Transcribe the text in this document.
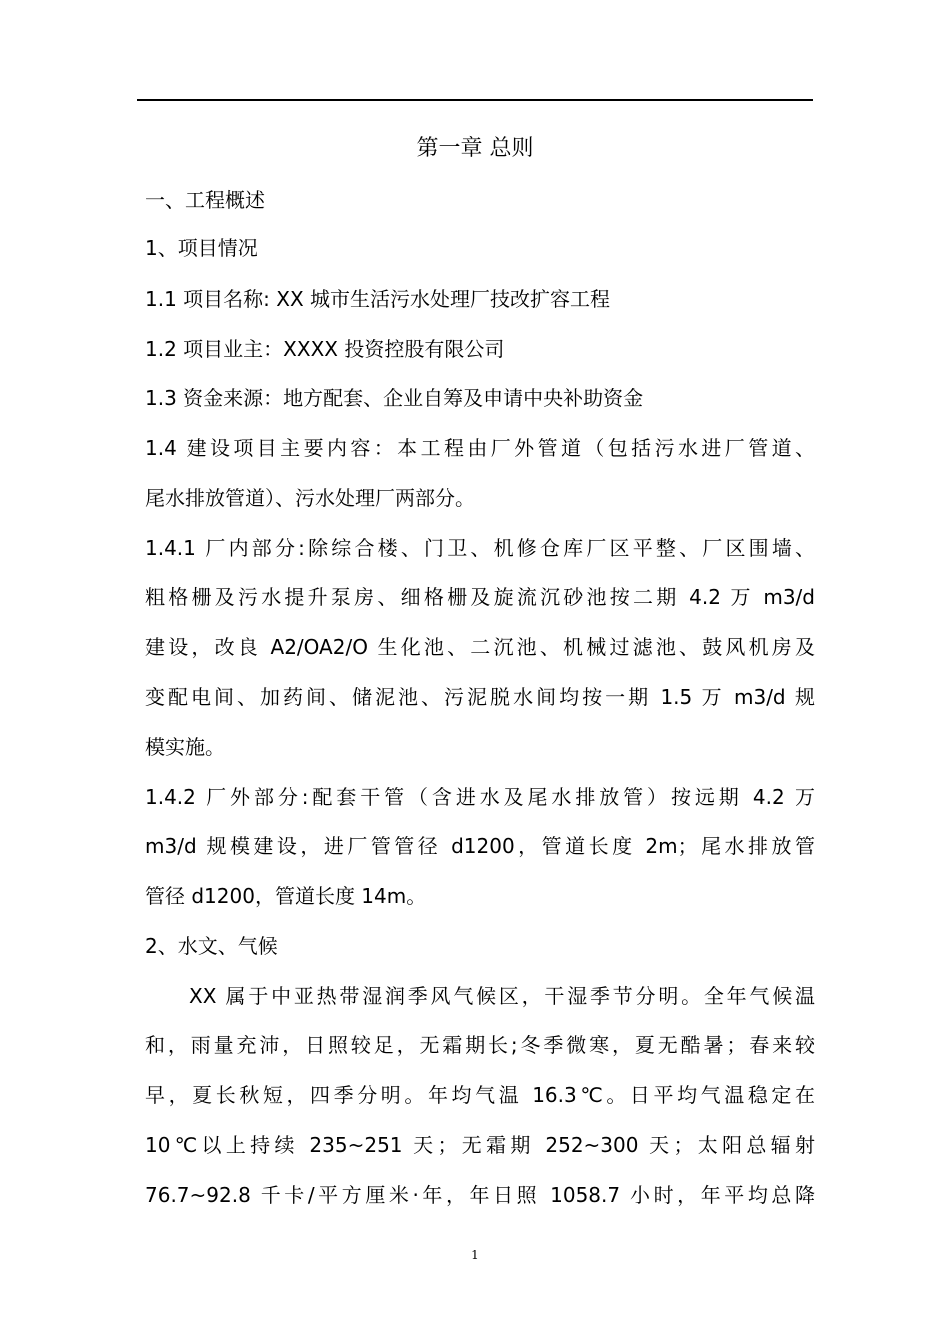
第一章 总则
一、工程概述
1、项目情况
1.1 项目名称: XX 城市生活污水处理厂技改扩容工程
1.2 项目业主：XXXX 投资控股有限公司
1.3 资金来源：地方配套、企业自筹及申请中央补助资金
1.4 建设项目主要内容：本工程由厂外管道（包括污水进厂管道、
尾水排放管道）、污水处理厂两部分。
1.4.1 厂内部分:除综合楼、门卫、机修仓库厂区平整、厂区围墙、
粗格栅及污水提升泵房、细格栅及旋流沉砂池按二期 4.2 万 m3/d
建设，改良 A2/OA2/O 生化池、二沉池、机械过滤池、鼓风机房及
变配电间、加药间、储泥池、污泥脱水间均按一期 1.5 万 m3/d 规
模实施。
1.4.2 厂外部分:配套干管（含进水及尾水排放管）按远期 4.2 万
m3/d 规模建设，进厂管管径 d1200，管道长度 2m；尾水排放管
管径 d1200，管道长度 14m。
2、水文、气候
XX 属于中亚热带湿润季风气候区，干湿季节分明。全年气候温
和，雨量充沛，日照较足，无霜期长;冬季微寒，夏无酷暑；春来较
早，夏长秋短，四季分明。年均气温 16.3℃。日平均气温稳定在
10℃以上持续 235~251 天；无霜期 252~300 天；太阳总辐射
76.7~92.8 千卡/平方厘米·年，年日照 1058.7 小时，年平均总降
1
